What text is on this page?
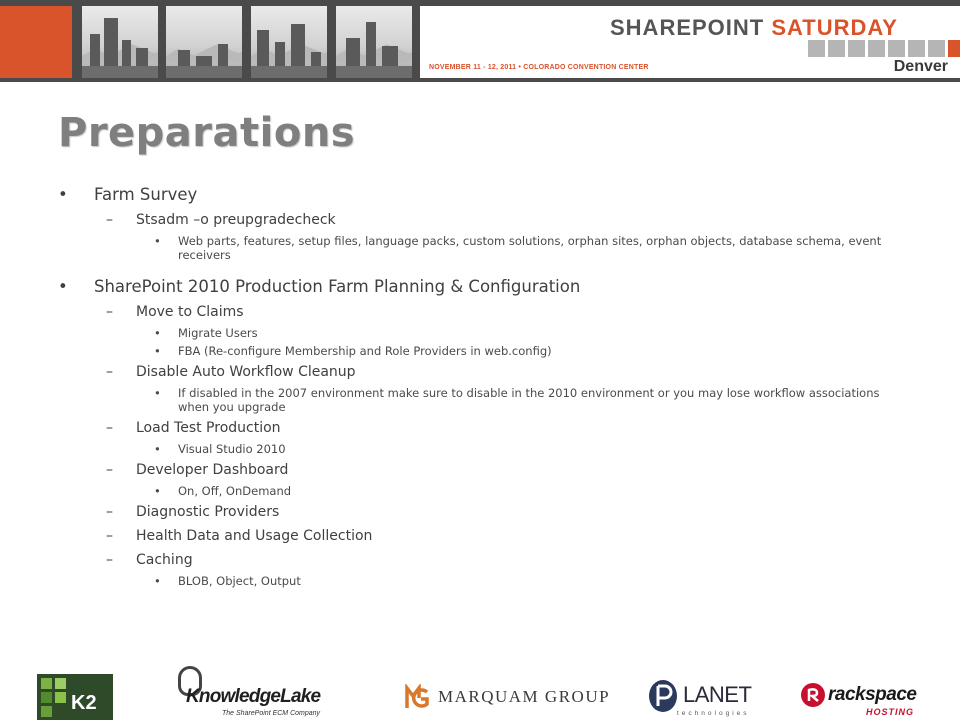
SHAREPOINT SATURDAY
Denver
NOVEMBER 11 - 12, 2011 • COLORADO CONVENTION CENTER
Preparations
• Farm Survey
– Stsadm –o preupgradecheck
• Web parts, features, setup files, language packs, custom solutions, orphan sites, orphan objects, database schema, event receivers
• SharePoint 2010 Production Farm Planning & Configuration
– Move to Claims
• Migrate Users
• FBA (Re-configure Membership and Role Providers in web.config)
– Disable Auto Workflow Cleanup
• If disabled in the 2007 environment make sure to disable in the 2010 environment or you may lose workflow associations when you upgrade
– Load Test Production
• Visual Studio 2010
– Developer Dashboard
• On, Off, OnDemand
– Diagnostic Providers
– Health Data and Usage Collection
– Caching
• BLOB, Object, Output
K2	KnowledgeLake
The SharePoint ECM Company
MARQUAM GROUP	LANET
technologies
rackspace
HOSTING
